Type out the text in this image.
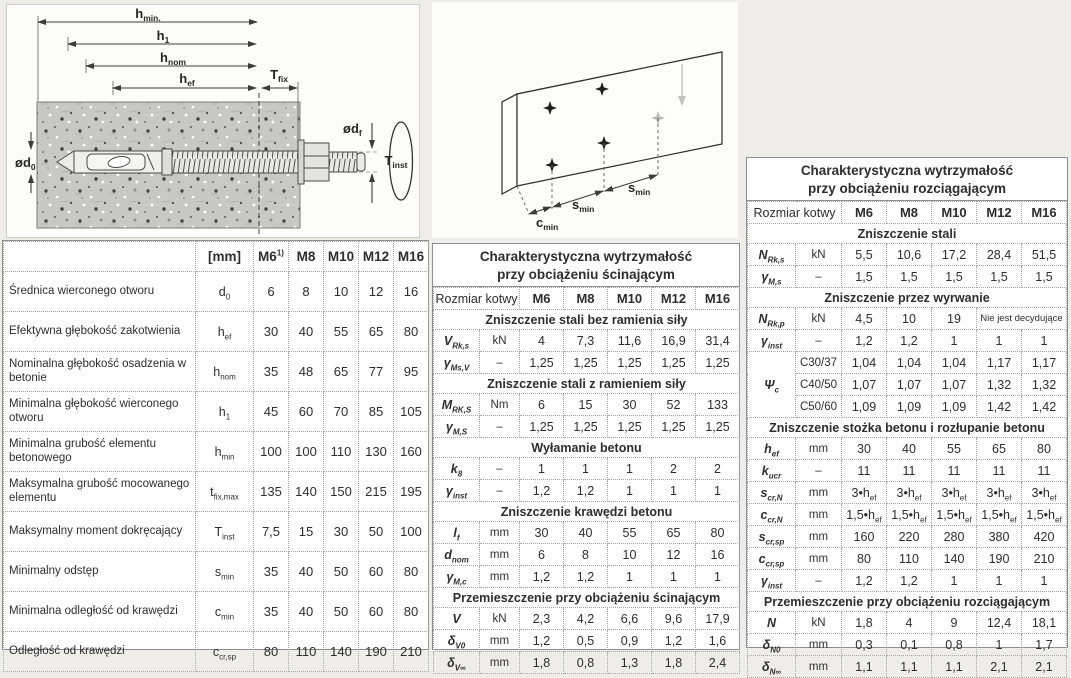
$h_{min.}$
$h_1$
$h_{nom}$
$h_{ef}$
$T_{fix}$
$ød_0$
$ød_f$
$T_{inst}$
$c_{min}$
$s_{min}$
$s_{min}$
	[mm]	M6$^{1)}$	M8	M10	M12	M16
Średnica wierconego otworu	$d_0$	6	8	10	12	16
Efektywna głębokość zakotwienia	$h_{ef}$	30	40	55	65	80
Nominalna głębokość osadzenia w betonie	$h_{nom}$	35	48	65	77	95
Minimalna głębokość wierconego otworu	$h_1$	45	60	70	85	105
Minimalna grubość elementu betonowego	$h_{min}$	100	100	110	130	160
Maksymalna grubość mocowanego elementu	$t_{fix,max}$	135	140	150	215	195
Maksymalny moment dokręcający	$T_{inst}$	7,5	15	30	50	100
Minimalny odstęp	$s_{min}$	35	40	50	60	80
Minimalna odległość od krawędzi	$c_{min}$	35	40	50	60	80
Odległość od krawędzi	$c_{cr,sp}$	80	110	140	190	210
Charakterystyczna wytrzymałość
przy obciążeniu ścinającym
Rozmiar kotwy		M6	M8	M10	M12	M16
Zniszczenie stali bez ramienia siły						
$V_{Rk,s}$	kN	4	7,3	11,6	16,9	31,4
$\gamma_{Ms,V}$	–	1,25	1,25	1,25	1,25	1,25
Zniszczenie stali z ramieniem siły						
$M_{RK,S}$	Nm	6	15	30	52	133
$\gamma_{M,S}$	–	1,25	1,25	1,25	1,25	1,25
Wyłamanie betonu						
$k_8$	–	1	1	1	2	2
$\gamma_{inst}$	–	1,2	1,2	1	1	1
Zniszczenie krawędzi betonu						
$l_f$	mm	30	40	55	65	80
$d_{nom}$	mm	6	8	10	12	16
$\gamma_{M,c}$	mm	1,2	1,2	1	1	1
Przemieszczenie przy obciążeniu ścinającym						
V	kN	2,3	4,2	6,6	9,6	17,9
$\delta_{V0}$	mm	1,2	0,5	0,9	1,2	1,6
$\delta_{V\infty}$	mm	1,8	0,8	1,3	1,8	2,4
Charakterystyczna wytrzymałość
przy obciążeniu rozciągającym
Rozmiar kotwy		M6	M8	M10	M12	M16
Zniszczenie stali						
$N_{Rk,s}$	kN	5,5	10,6	17,2	28,4	51,5
$\gamma_{M,s}$	–	1,5	1,5	1,5	1,5	1,5
Zniszczenie przez wyrwanie						
$N_{Rk,p}$	kN	4,5	10	19	Nie jest decydujące	
$\gamma_{inst}$	–	1,2	1,2	1	1	1
$\Psi_c$	C30/37	1,04	1,04	1,04	1,17	1,17
	C40/50	1,07	1,07	1,07	1,32	1,32
	C50/60	1,09	1,09	1,09	1,42	1,42
Zniszczenie stożka betonu i rozłupanie betonu						
$h_{ef}$	mm	30	40	55	65	80
$k_{ucr}$	–	11	11	11	11	11
$s_{cr,N}$	mm	$3•h_{ef}$	$3•h_{ef}$	$3•h_{ef}$	$3•h_{ef}$	$3•h_{ef}$
$c_{cr,N}$	mm	$1,5•h_{ef}$	$1,5•h_{ef}$	$1,5•h_{ef}$	$1,5•h_{ef}$	$1,5•h_{ef}$
$s_{cr,sp}$	mm	160	220	280	380	420
$c_{cr,sp}$	mm	80	110	140	190	210
$\gamma_{inst}$	–	1,2	1,2	1	1	1
Przemieszczenie przy obciążeniu rozciągającym						
N	kN	1,8	4	9	12,4	18,1
$\delta_{N0}$	mm	0,3	0,1	0,8	1	1,7
$\delta_{N\infty}$	mm	1,1	1,1	1,1	2,1	2,1
